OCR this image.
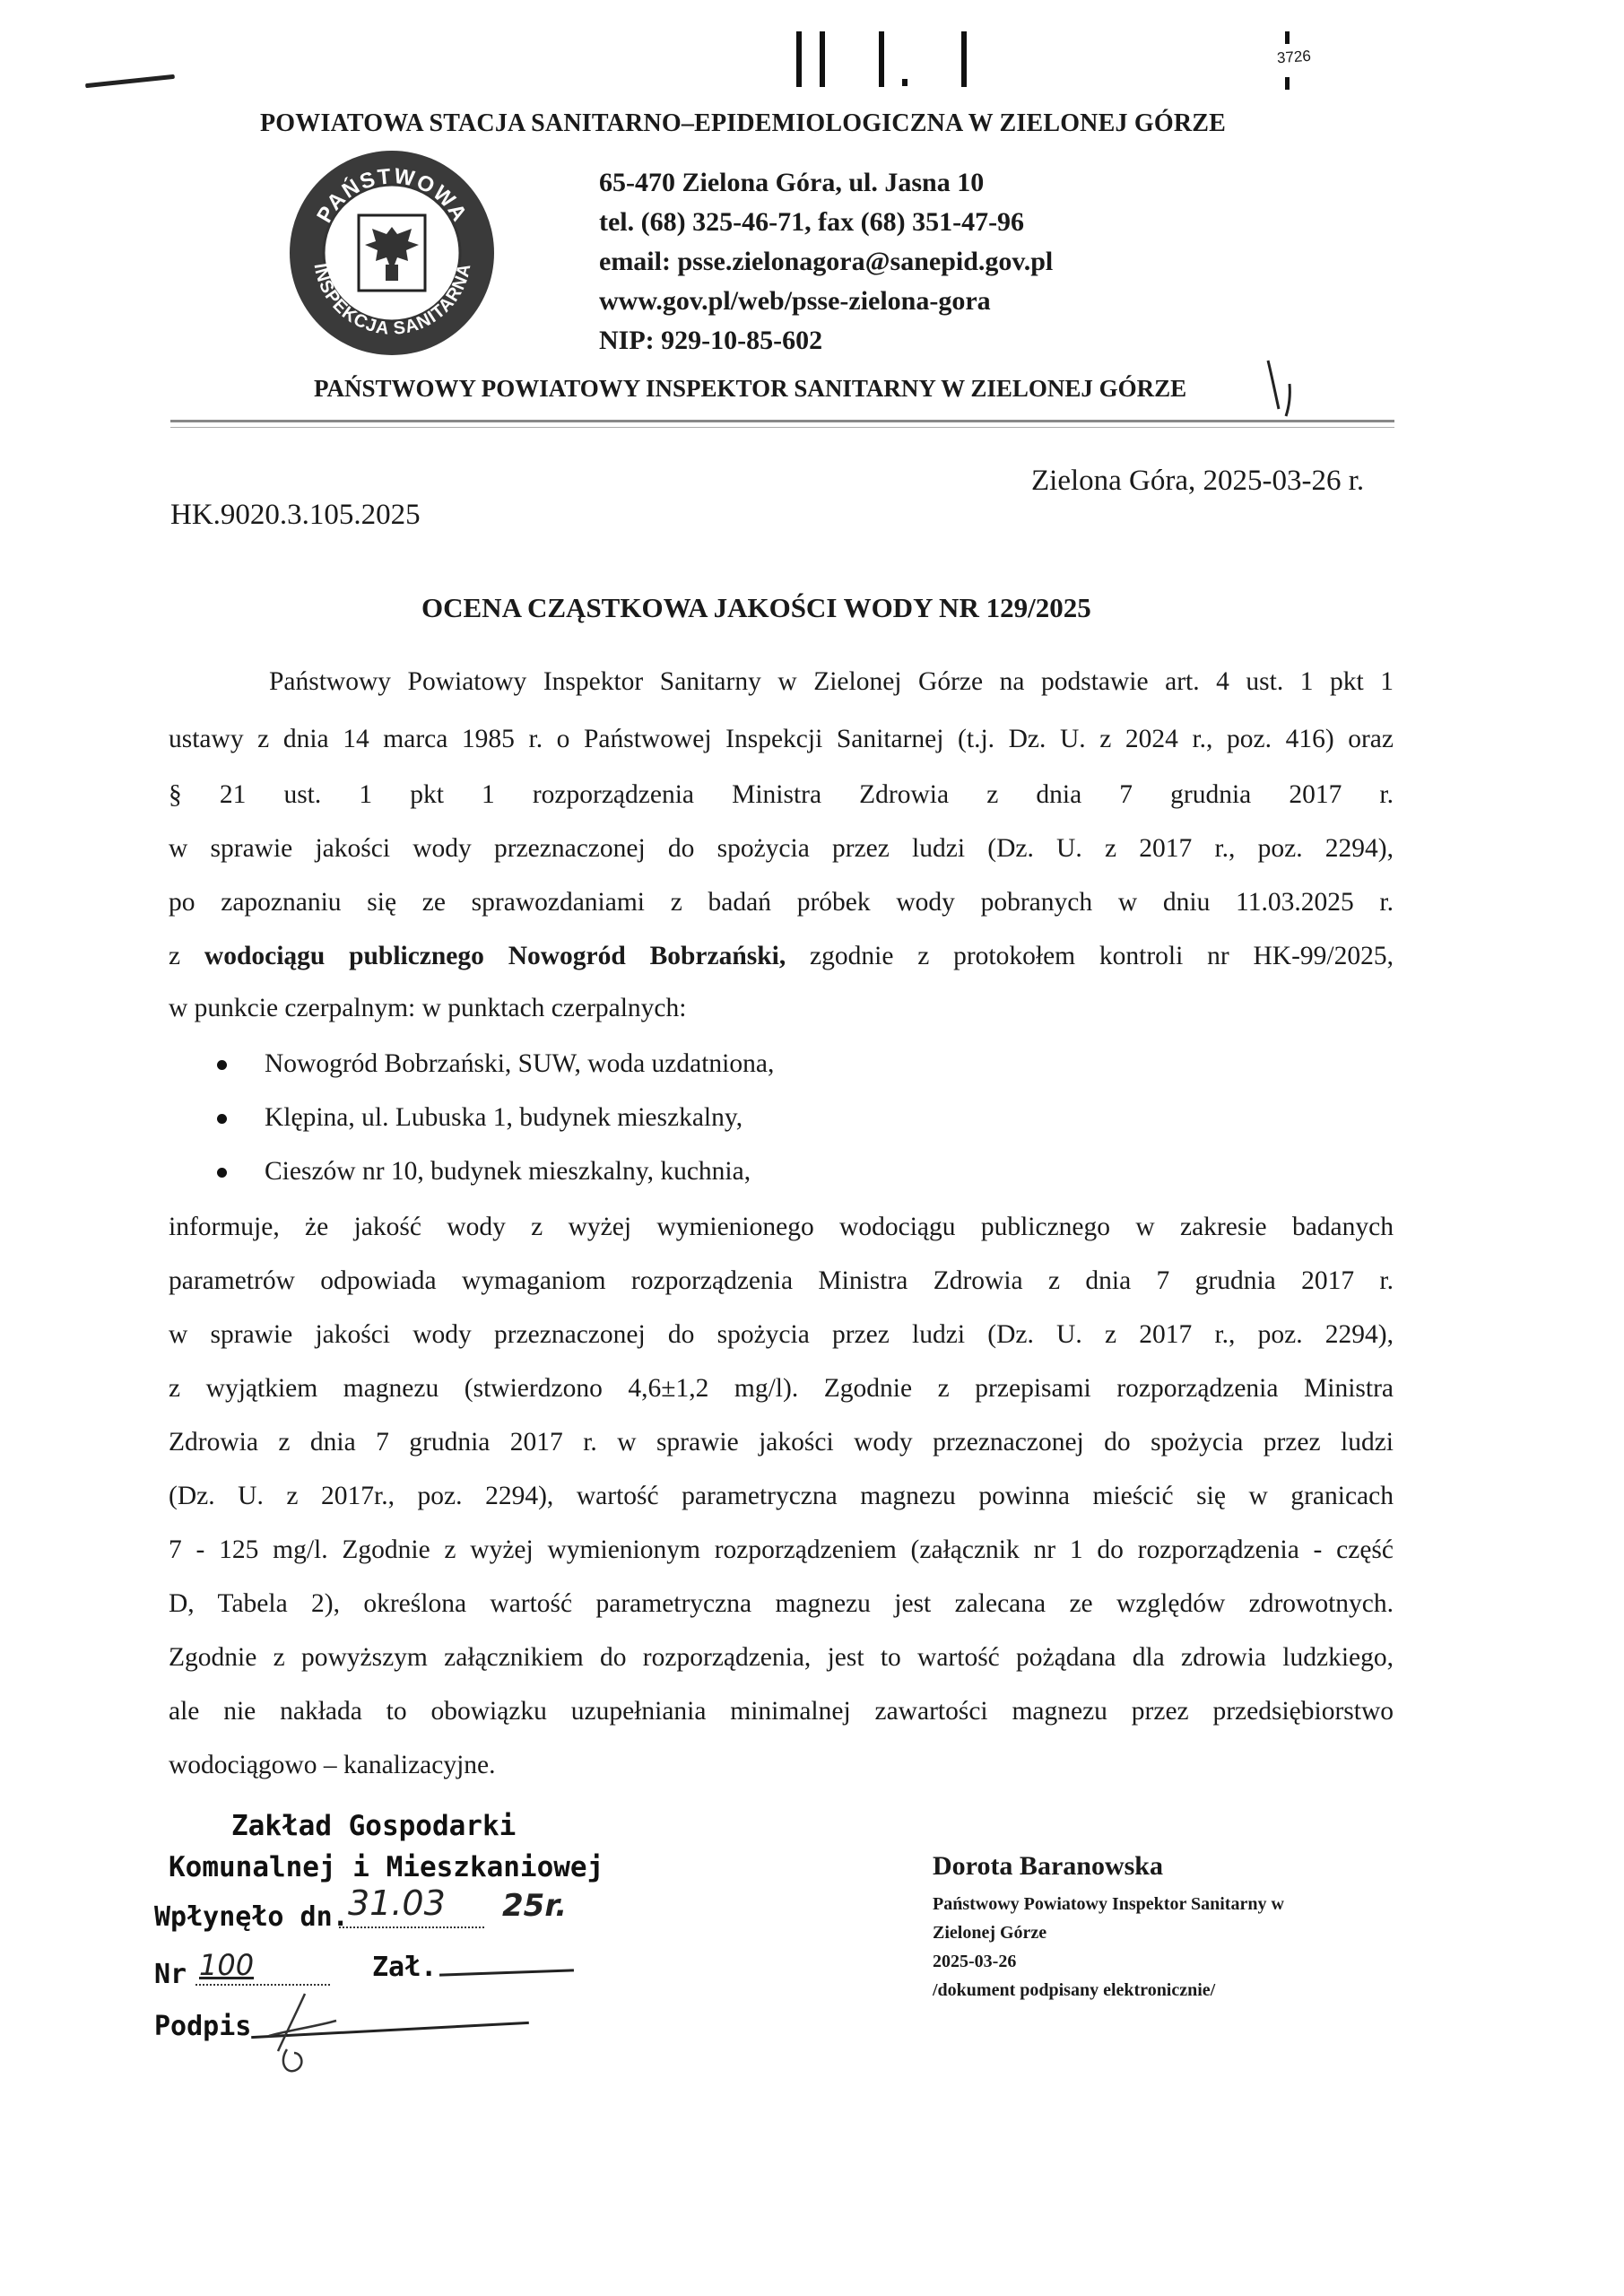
3726
POWIATOWA STACJA SANITARNO–EPIDEMIOLOGICZNA W ZIELONEJ GÓRZE
PAŃSTWOWA
INSPEKCJA SANITARNA
65-470 Zielona Góra, ul. Jasna 10
tel. (68) 325-46-71, fax (68) 351-47-96
email: psse.zielonagora@sanepid.gov.pl
www.gov.pl/web/psse-zielona-gora
NIP: 929-10-85-602
PAŃSTWOWY POWIATOWY INSPEKTOR SANITARNY W ZIELONEJ GÓRZE
Zielona Góra, 2025-03-26 r.
HK.9020.3.105.2025
OCENA CZĄSTKOWA JAKOŚCI WODY NR 129/2025
Państwowy Powiatowy Inspektor Sanitarny w Zielonej Górze na podstawie art. 4 ust. 1 pkt 1
ustawy z dnia 14 marca 1985 r. o Państwowej Inspekcji Sanitarnej (t.j. Dz. U. z 2024 r., poz. 416) oraz
§ 21 ust. 1 pkt 1 rozporządzenia Ministra Zdrowia z dnia 7 grudnia 2017 r.
w sprawie jakości wody przeznaczonej do spożycia przez ludzi (Dz. U. z 2017 r., poz. 2294),
po zapoznaniu się ze sprawozdaniami z badań próbek wody pobranych w dniu 11.03.2025 r.
z wodociągu publicznego Nowogród Bobrzański, zgodnie z protokołem kontroli nr HK-99/2025,
w punkcie czerpalnym: w punktach czerpalnych:
Nowogród Bobrzański, SUW, woda uzdatniona,
Klępina, ul. Lubuska 1, budynek mieszkalny,
Cieszów nr 10, budynek mieszkalny, kuchnia,
informuje, że jakość wody z wyżej wymienionego wodociągu publicznego w zakresie badanych
parametrów odpowiada wymaganiom rozporządzenia Ministra Zdrowia z dnia 7 grudnia 2017 r.
w sprawie jakości wody przeznaczonej do spożycia przez ludzi (Dz. U. z 2017 r., poz. 2294),
z wyjątkiem magnezu (stwierdzono 4,6±1,2 mg/l). Zgodnie z przepisami rozporządzenia Ministra
Zdrowia z dnia 7 grudnia 2017 r. w sprawie jakości wody przeznaczonej do spożycia przez ludzi
(Dz. U. z 2017r., poz. 2294), wartość parametryczna magnezu powinna mieścić się w granicach
7 - 125 mg/l. Zgodnie z wyżej wymienionym rozporządzeniem (załącznik nr 1 do rozporządzenia - część
D, Tabela 2), określona wartość parametryczna magnezu jest zalecana ze względów zdrowotnych.
Zgodnie z powyższym załącznikiem do rozporządzenia, jest to wartość pożądana dla zdrowia ludzkiego,
ale nie nakłada to obowiązku uzupełniania minimalnej zawartości magnezu przez przedsiębiorstwo
wodociągowo – kanalizacyjne.
Zakład Gospodarki
Komunalnej i Mieszkaniowej
Wpłynęło dn. 31.03 25r.
Nr 100	Zał.
Podpis
Dorota Baranowska
Państwowy Powiatowy Inspektor Sanitarny w
Zielonej Górze
2025-03-26
/dokument podpisany elektronicznie/
